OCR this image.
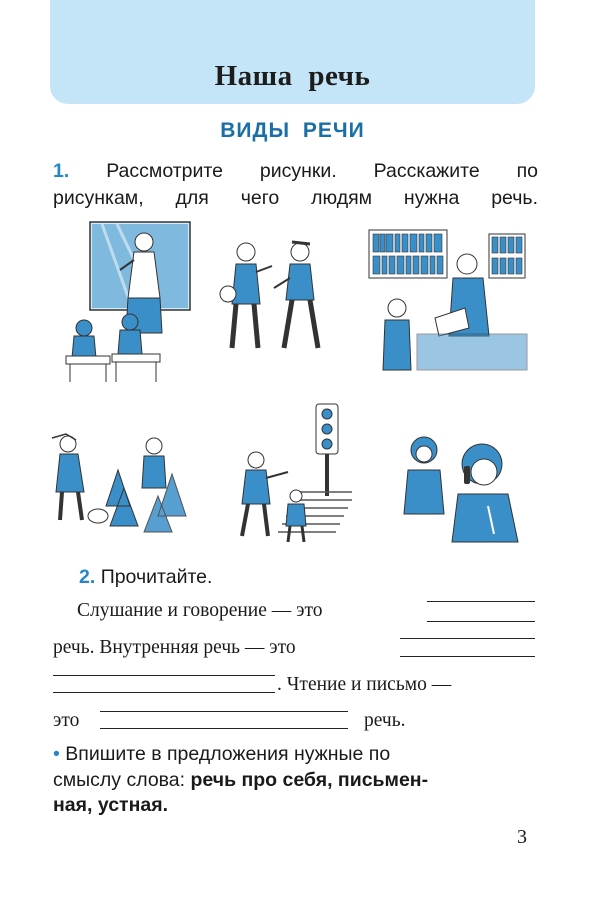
Наша речь
ВИДЫ РЕЧИ
1. Рассмотрите рисунки. Расскажите по
рисункам, для чего людям нужна речь.
2. Прочитайте.
Слушание и говорение — это
речь. Внутренняя речь — это
. Чтение и письмо —
это	речь.
• Впишите в предложения нужные по
смыслу слова: речь про себя, письмен-
ная, устная.
3
